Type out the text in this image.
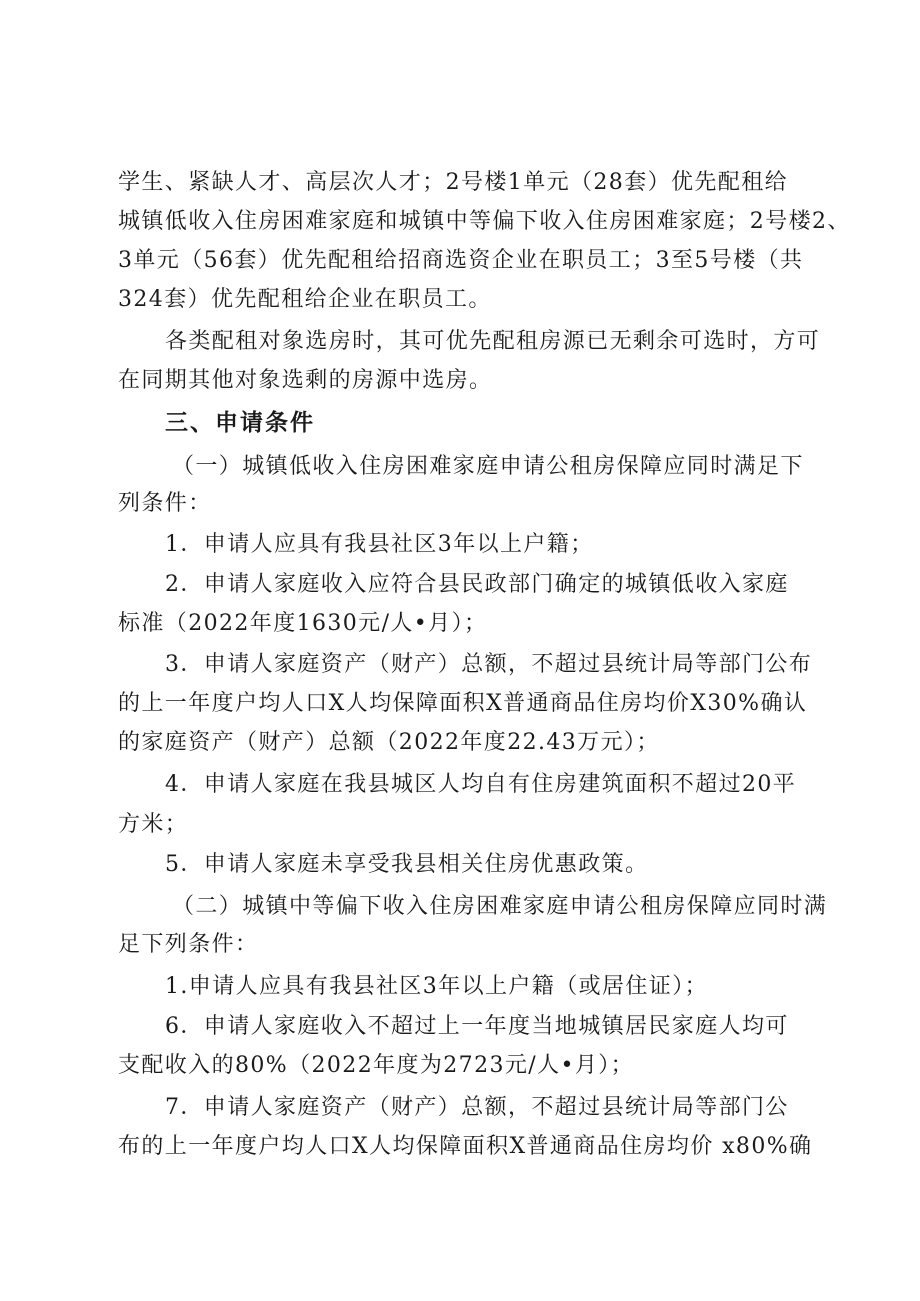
学生、紧缺人才、高层次人才；2号楼1单元（28套）优先配租给
城镇低收入住房困难家庭和城镇中等偏下收入住房困难家庭；2号楼2、
3单元（56套）优先配租给招商选资企业在职员工；3至5号楼（共
324套）优先配租给企业在职员工。
各类配租对象选房时，其可优先配租房源已无剩余可选时，方可
在同期其他对象选剩的房源中选房。
三、申请条件
（一）城镇低收入住房困难家庭申请公租房保障应同时满足下
列条件：
1．申请人应具有我县社区3年以上户籍；
2．申请人家庭收入应符合县民政部门确定的城镇低收入家庭
标准（2022年度1630元/人•月）；
3．申请人家庭资产（财产）总额，不超过县统计局等部门公布
的上一年度户均人口X人均保障面积X普通商品住房均价X30%确认
的家庭资产（财产）总额（2022年度22.43万元）；
4．申请人家庭在我县城区人均自有住房建筑面积不超过20平
方米；
5．申请人家庭未享受我县相关住房优惠政策。
（二）城镇中等偏下收入住房困难家庭申请公租房保障应同时满
足下列条件：
1.申请人应具有我县社区3年以上户籍（或居住证）；
6．申请人家庭收入不超过上一年度当地城镇居民家庭人均可
支配收入的80%（2022年度为2723元/人•月）；
7．申请人家庭资产（财产）总额，不超过县统计局等部门公
布的上一年度户均人口X人均保障面积X普通商品住房均价 x80%确
